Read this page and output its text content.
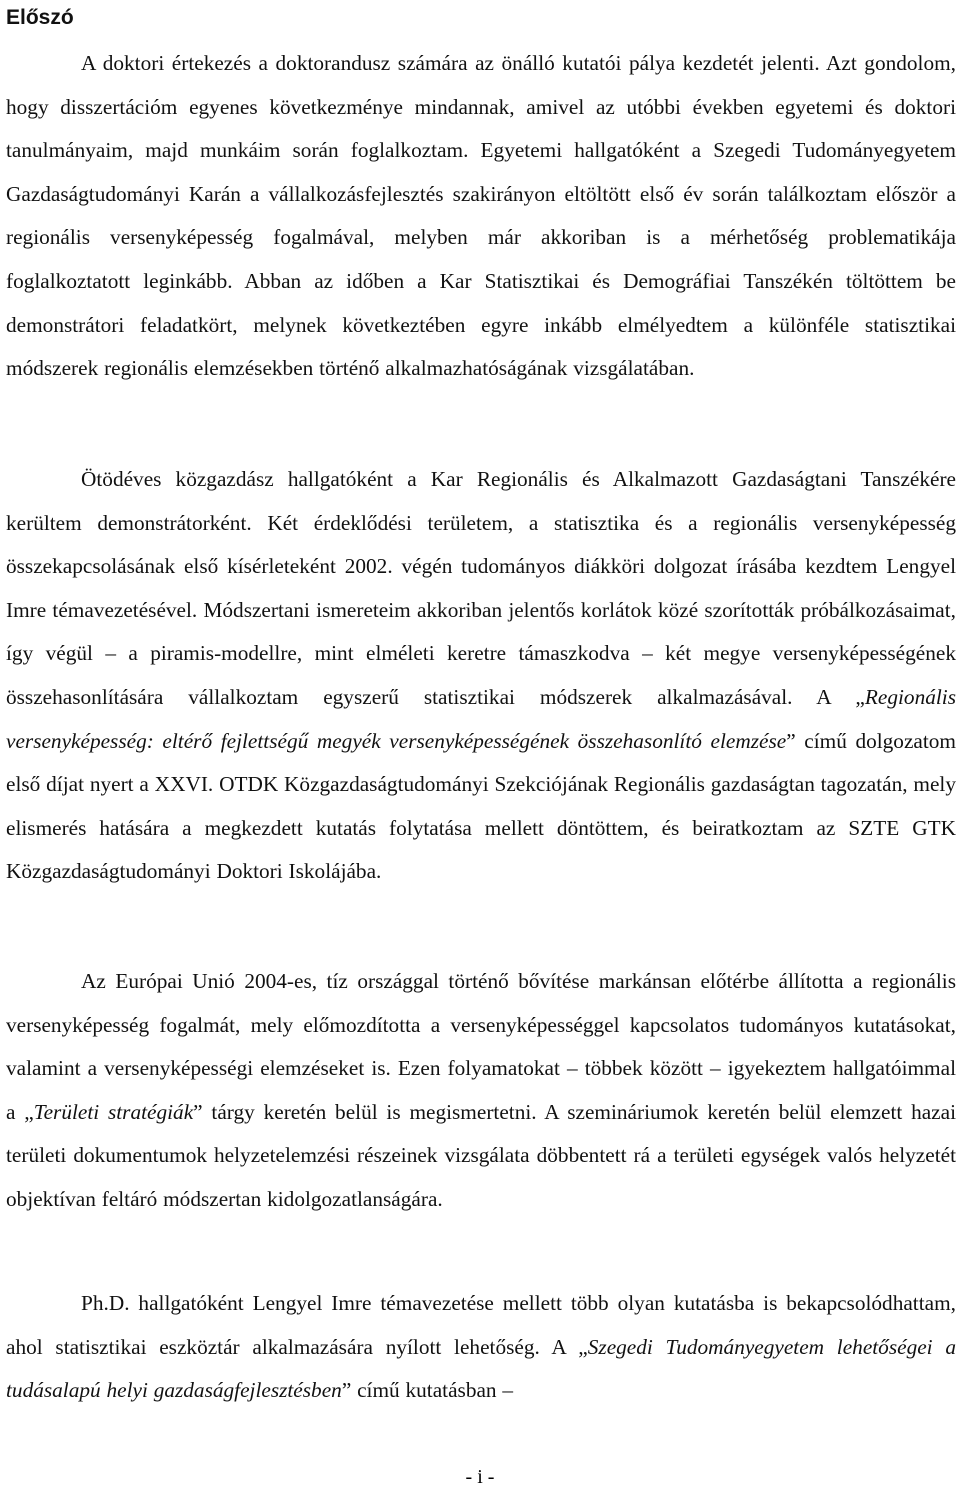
Előszó

A doktori értekezés a doktorandusz számára az önálló kutatói pálya kezdetét jelenti. Azt gondolom, hogy disszertációm egyenes következménye mindannak, amivel az utóbbi években egyetemi és doktori tanulmányaim, majd munkáim során foglalkoztam. Egyetemi hallgatóként a Szegedi Tudományegyetem Gazdaságtudományi Karán a vállalkozásfejlesztés szakirányon eltöltött első év során találkoztam először a regionális versenyképesség fogalmával, melyben már akkoriban is a mérhetőség problematikája foglalkoztatott leginkább. Abban az időben a Kar Statisztikai és Demográfiai Tanszékén töltöttem be demonstrátori feladatkört, melynek következtében egyre inkább elmélyedtem a különféle statisztikai módszerek regionális elemzésekben történő alkalmazhatóságának vizsgálatában.

Ötödéves közgazdász hallgatóként a Kar Regionális és Alkalmazott Gazdaságtani Tanszékére kerültem demonstrátorként. Két érdeklődési területem, a statisztika és a regionális versenyképesség összekapcsolásának első kísérleteként 2002. végén tudományos diákköri dolgozat írásába kezdtem Lengyel Imre témavezetésével. Módszertani ismereteim akkoriban jelentős korlátok közé szorították próbálkozásaimat, így végül – a piramis-modellre, mint elméleti keretre támaszkodva – két megye versenyképességének összehasonlítására vállalkoztam egyszerű statisztikai módszerek alkalmazásával. A „Regionális versenyképesség: eltérő fejlettségű megyék versenyképességének összehasonlító elemzése” című dolgozatom első díjat nyert a XXVI. OTDK Közgazdaságtudományi Szekciójának Regionális gazdaságtan tagozatán, mely elismerés hatására a megkezdett kutatás folytatása mellett döntöttem, és beiratkoztam az SZTE GTK Közgazdaságtudományi Doktori Iskolájába.

Az Európai Unió 2004-es, tíz országgal történő bővítése markánsan előtérbe állította a regionális versenyképesség fogalmát, mely előmozdította a versenyképességgel kapcsolatos tudományos kutatásokat, valamint a versenyképességi elemzéseket is. Ezen folyamatokat – többek között – igyekeztem hallgatóimmal a „Területi stratégiák” tárgy keretén belül is megismertetni. A szemináriumok keretén belül elemzett hazai területi dokumentumok helyzetelemzési részeinek vizsgálata döbbentett rá a területi egységek valós helyzetét objektívan feltáró módszertan kidolgozatlanságára.

Ph.D. hallgatóként Lengyel Imre témavezetése mellett több olyan kutatásba is bekapcsolódhattam, ahol statisztikai eszköztár alkalmazására nyílott lehetőség. A „Szegedi Tudományegyetem lehetőségei a tudásalapú helyi gazdaságfejlesztésben” című kutatásban –

- i -
